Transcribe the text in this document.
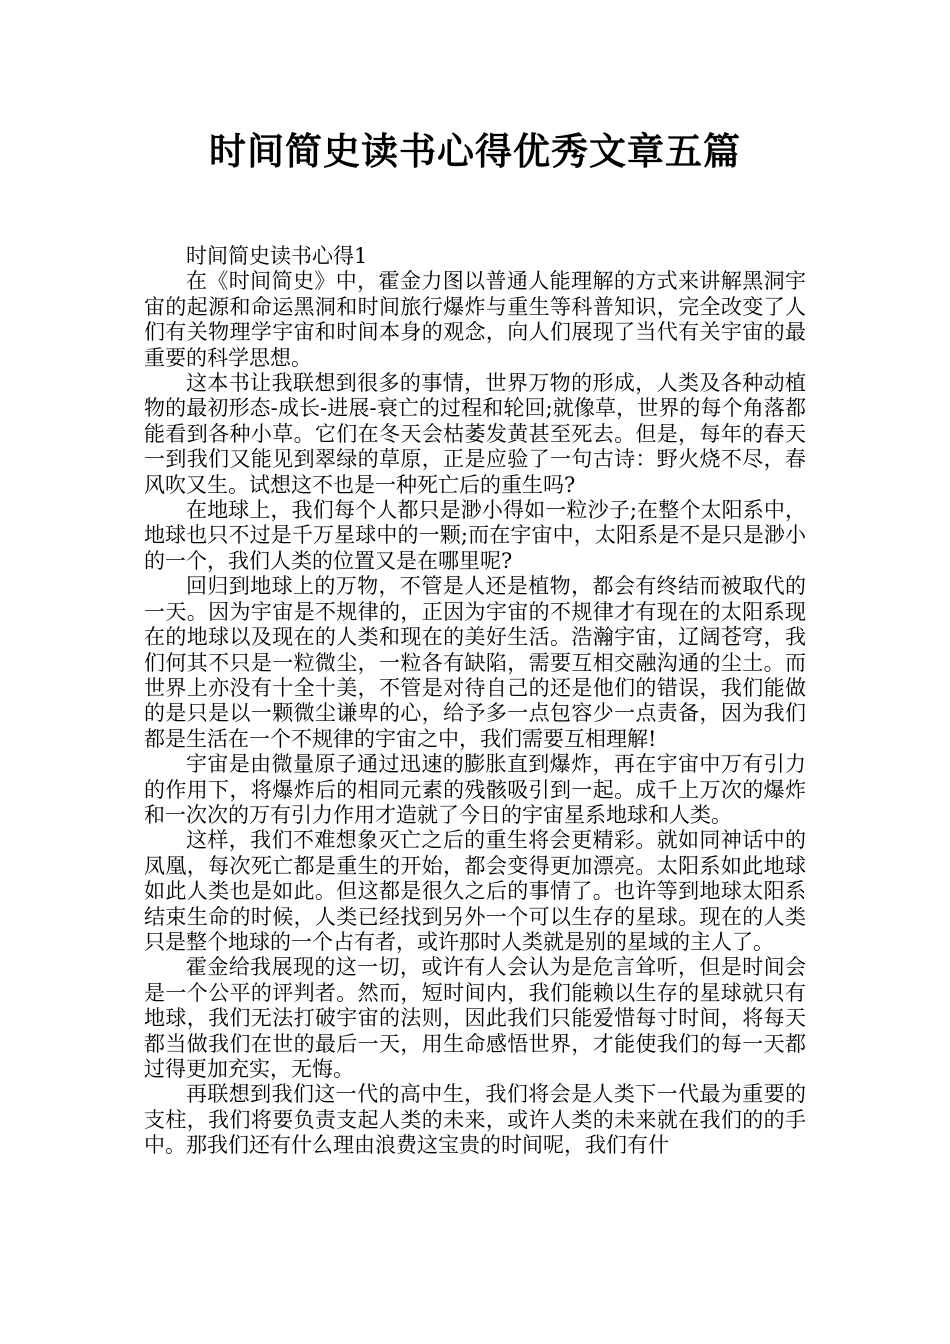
时间简史读书心得优秀文章五篇

时间简史读书心得1

在《时间简史》中，霍金力图以普通人能理解的方式来讲解黑洞宇宙的起源和命运黑洞和时间旅行爆炸与重生等科普知识，完全改变了人们有关物理学宇宙和时间本身的观念，向人们展现了当代有关宇宙的最重要的科学思想。

这本书让我联想到很多的事情，世界万物的形成，人类及各种动植物的最初形态-成长-进展-衰亡的过程和轮回;就像草，世界的每个角落都能看到各种小草。它们在冬天会枯萎发黄甚至死去。但是，每年的春天一到我们又能见到翠绿的草原，正是应验了一句古诗：野火烧不尽，春风吹又生。试想这不也是一种死亡后的重生吗?

在地球上，我们每个人都只是渺小得如一粒沙子;在整个太阳系中，地球也只不过是千万星球中的一颗;而在宇宙中，太阳系是不是只是渺小的一个，我们人类的位置又是在哪里呢?

回归到地球上的万物，不管是人还是植物，都会有终结而被取代的一天。因为宇宙是不规律的，正因为宇宙的不规律才有现在的太阳系现在的地球以及现在的人类和现在的美好生活。浩瀚宇宙，辽阔苍穹，我们何其不只是一粒微尘，一粒各有缺陷，需要互相交融沟通的尘土。而世界上亦没有十全十美，不管是对待自己的还是他们的错误，我们能做的是只是以一颗微尘谦卑的心，给予多一点包容少一点责备，因为我们都是生活在一个不规律的宇宙之中，我们需要互相理解!

宇宙是由微量原子通过迅速的膨胀直到爆炸，再在宇宙中万有引力的作用下，将爆炸后的相同元素的残骸吸引到一起。成千上万次的爆炸和一次次的万有引力作用才造就了今日的宇宙星系地球和人类。

这样，我们不难想象灭亡之后的重生将会更精彩。就如同神话中的凤凰，每次死亡都是重生的开始，都会变得更加漂亮。太阳系如此地球如此人类也是如此。但这都是很久之后的事情了。也许等到地球太阳系结束生命的时候，人类已经找到另外一个可以生存的星球。现在的人类只是整个地球的一个占有者，或许那时人类就是别的星域的主人了。

霍金给我展现的这一切，或许有人会认为是危言耸听，但是时间会是一个公平的评判者。然而，短时间内，我们能赖以生存的星球就只有地球，我们无法打破宇宙的法则，因此我们只能爱惜每寸时间，将每天都当做我们在世的最后一天，用生命感悟世界，才能使我们的每一天都过得更加充实，无悔。

再联想到我们这一代的高中生，我们将会是人类下一代最为重要的支柱，我们将要负责支起人类的未来，或许人类的未来就在我们的的手中。那我们还有什么理由浪费这宝贵的时间呢，我们有什
